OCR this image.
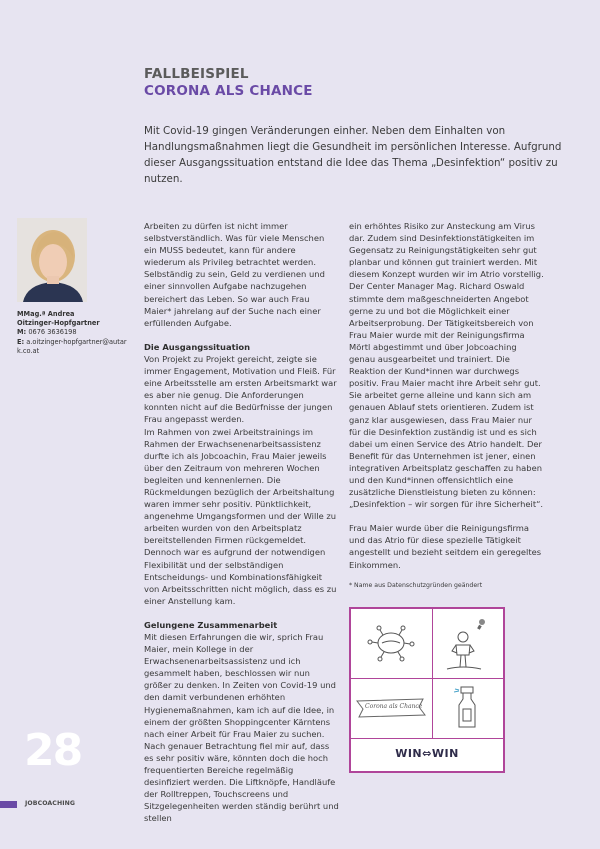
FALLBEISPIEL
CORONA ALS CHANCE

Mit Covid-19 gingen Veränderungen einher. Neben dem Einhalten von Handlungsmaßnahmen liegt die Gesundheit im persönlichen Interesse. Aufgrund dieser Ausgangssituation entstand die Idee das Thema „Desinfektion“ positiv zu nutzen.

MMag.ª Andrea
Oitzinger-Hopfgartner
M: 0676 3636198
E: a.oitzinger-hopfgartner@autark.co.at

Arbeiten zu dürfen ist nicht immer selbstverständlich. Was für viele Menschen ein MUSS bedeutet, kann für andere wiederum als Privileg betrachtet werden. Selbständig zu sein, Geld zu verdienen und einer sinnvollen Aufgabe nachzugehen bereichert das Leben. So war auch Frau Maier* jahrelang auf der Suche nach einer erfüllenden Aufgabe.

Die Ausgangssituation

Von Projekt zu Projekt gereicht, zeigte sie immer Engagement, Motivation und Fleiß. Für eine Arbeitsstelle am ersten Arbeitsmarkt war es aber nie genug. Die Anforderungen konnten nicht auf die Bedürfnisse der jungen Frau angepasst werden.

Im Rahmen von zwei Arbeitstrainings im Rahmen der Erwachsenenarbeitsassistenz durfte ich als Jobcoachin, Frau Maier jeweils über den Zeitraum von mehreren Wochen begleiten und kennenlernen. Die Rückmeldungen bezüglich der Arbeitshaltung waren immer sehr positiv. Pünktlichkeit, angenehme Umgangsformen und der Wille zu arbeiten wurden von den Arbeitsplatz bereitstellenden Firmen rückgemeldet. Dennoch war es aufgrund der notwendigen Flexibilität und der selbständigen Entscheidungs- und Kombinationsfähigkeit von Arbeitsschritten nicht möglich, dass es zu einer Anstellung kam.

Gelungene Zusammenarbeit

Mit diesen Erfahrungen die wir, sprich Frau Maier, mein Kollege in der Erwachsenenarbeitsassistenz und ich gesammelt haben, beschlossen wir nun größer zu denken. In Zeiten von Covid-19 und den damit verbundenen erhöhten Hygienemaßnahmen, kam ich auf die Idee, in einem der größten Shoppingcenter Kärntens nach einer Arbeit für Frau Maier zu suchen. Nach genauer Betrachtung fiel mir auf, dass es sehr positiv wäre, könnten doch die hoch frequentierten Bereiche regelmäßig desinfiziert werden. Die Liftknöpfe, Handläufe der Rolltreppen, Touchscreens und Sitzgelegenheiten werden ständig berührt und stellen

ein erhöhtes Risiko zur Ansteckung am Virus dar. Zudem sind Desinfektionstätigkeiten im Gegensatz zu Reinigungstätigkeiten sehr gut planbar und können gut trainiert werden. Mit diesem Konzept wurden wir im Atrio vorstellig. Der Center Manager Mag. Richard Oswald stimmte dem maßgeschneiderten Angebot gerne zu und bot die Möglichkeit einer Arbeitserprobung. Der Tätigkeitsbereich von Frau Maier wurde mit der Reinigungsfirma Mörtl abgestimmt und über Jobcoaching genau ausgearbeitet und trainiert. Die Reaktion der Kund*innen war durchwegs positiv. Frau Maier macht ihre Arbeit sehr gut. Sie arbeitet gerne alleine und kann sich am genauen Ablauf stets orientieren. Zudem ist ganz klar ausgewiesen, dass Frau Maier nur für die Desinfektion zuständig ist und es sich dabei um einen Service des Atrio handelt. Der Benefit für das Unternehmen ist jener, einen integrativen Arbeitsplatz geschaffen zu haben und den Kund*innen offensichtlich eine zusätzliche Dienstleistung bieten zu können: „Desinfektion – wir sorgen für ihre Sicherheit“.

Frau Maier wurde über die Reinigungsfirma und das Atrio für diese spezielle Tätigkeit angestellt und bezieht seitdem ein geregeltes Einkommen.

* Name aus Datenschutzgründen geändert
Corona als Chance
WIN⇔WIN
28
JOBCOACHING
